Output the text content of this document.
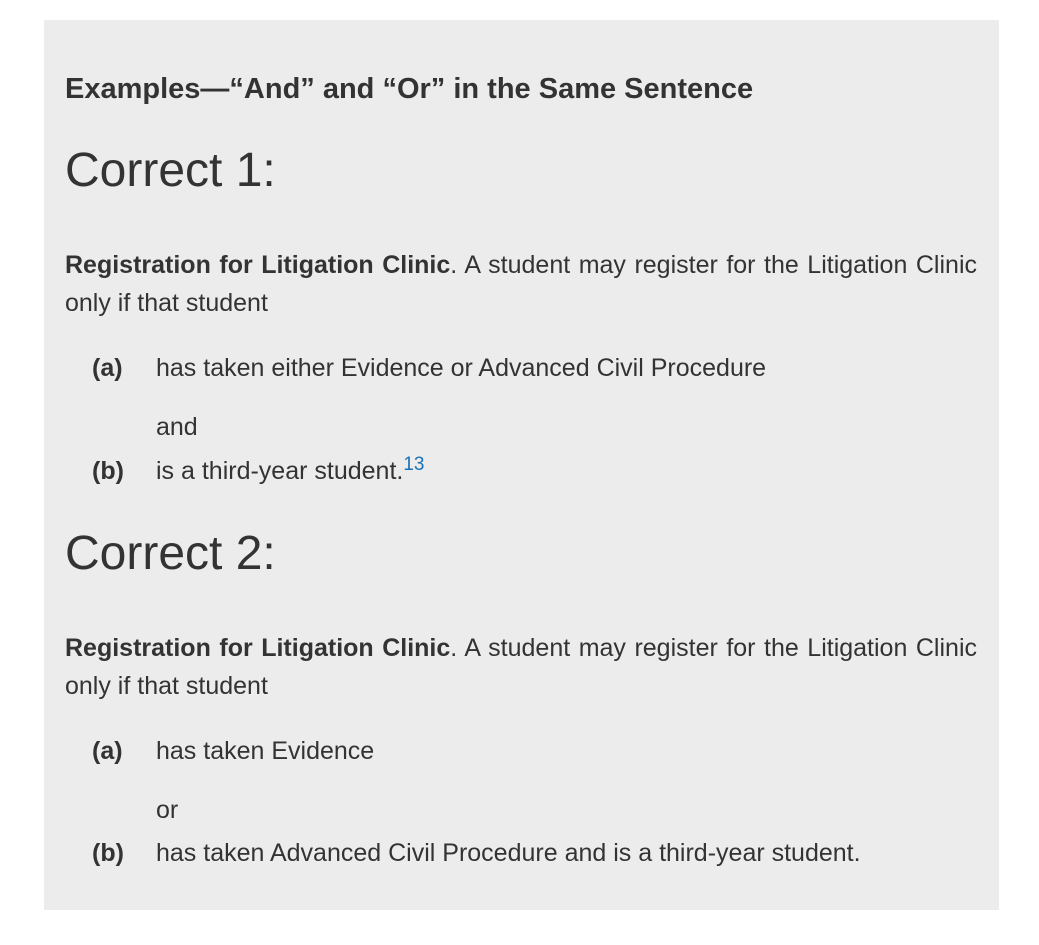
Examples—“And” and “Or” in the Same Sentence
Correct 1:

Registration for Litigation Clinic. A student may register for the Litigation Clinic only if that student

(a) has taken either Evidence or Advanced Civil Procedure

and

(b) is a third-year student.$^{13}$

Correct 2:

Registration for Litigation Clinic. A student may register for the Litigation Clinic only if that student

(a) has taken Evidence

or

(b) has taken Advanced Civil Procedure and is a third-year student.
